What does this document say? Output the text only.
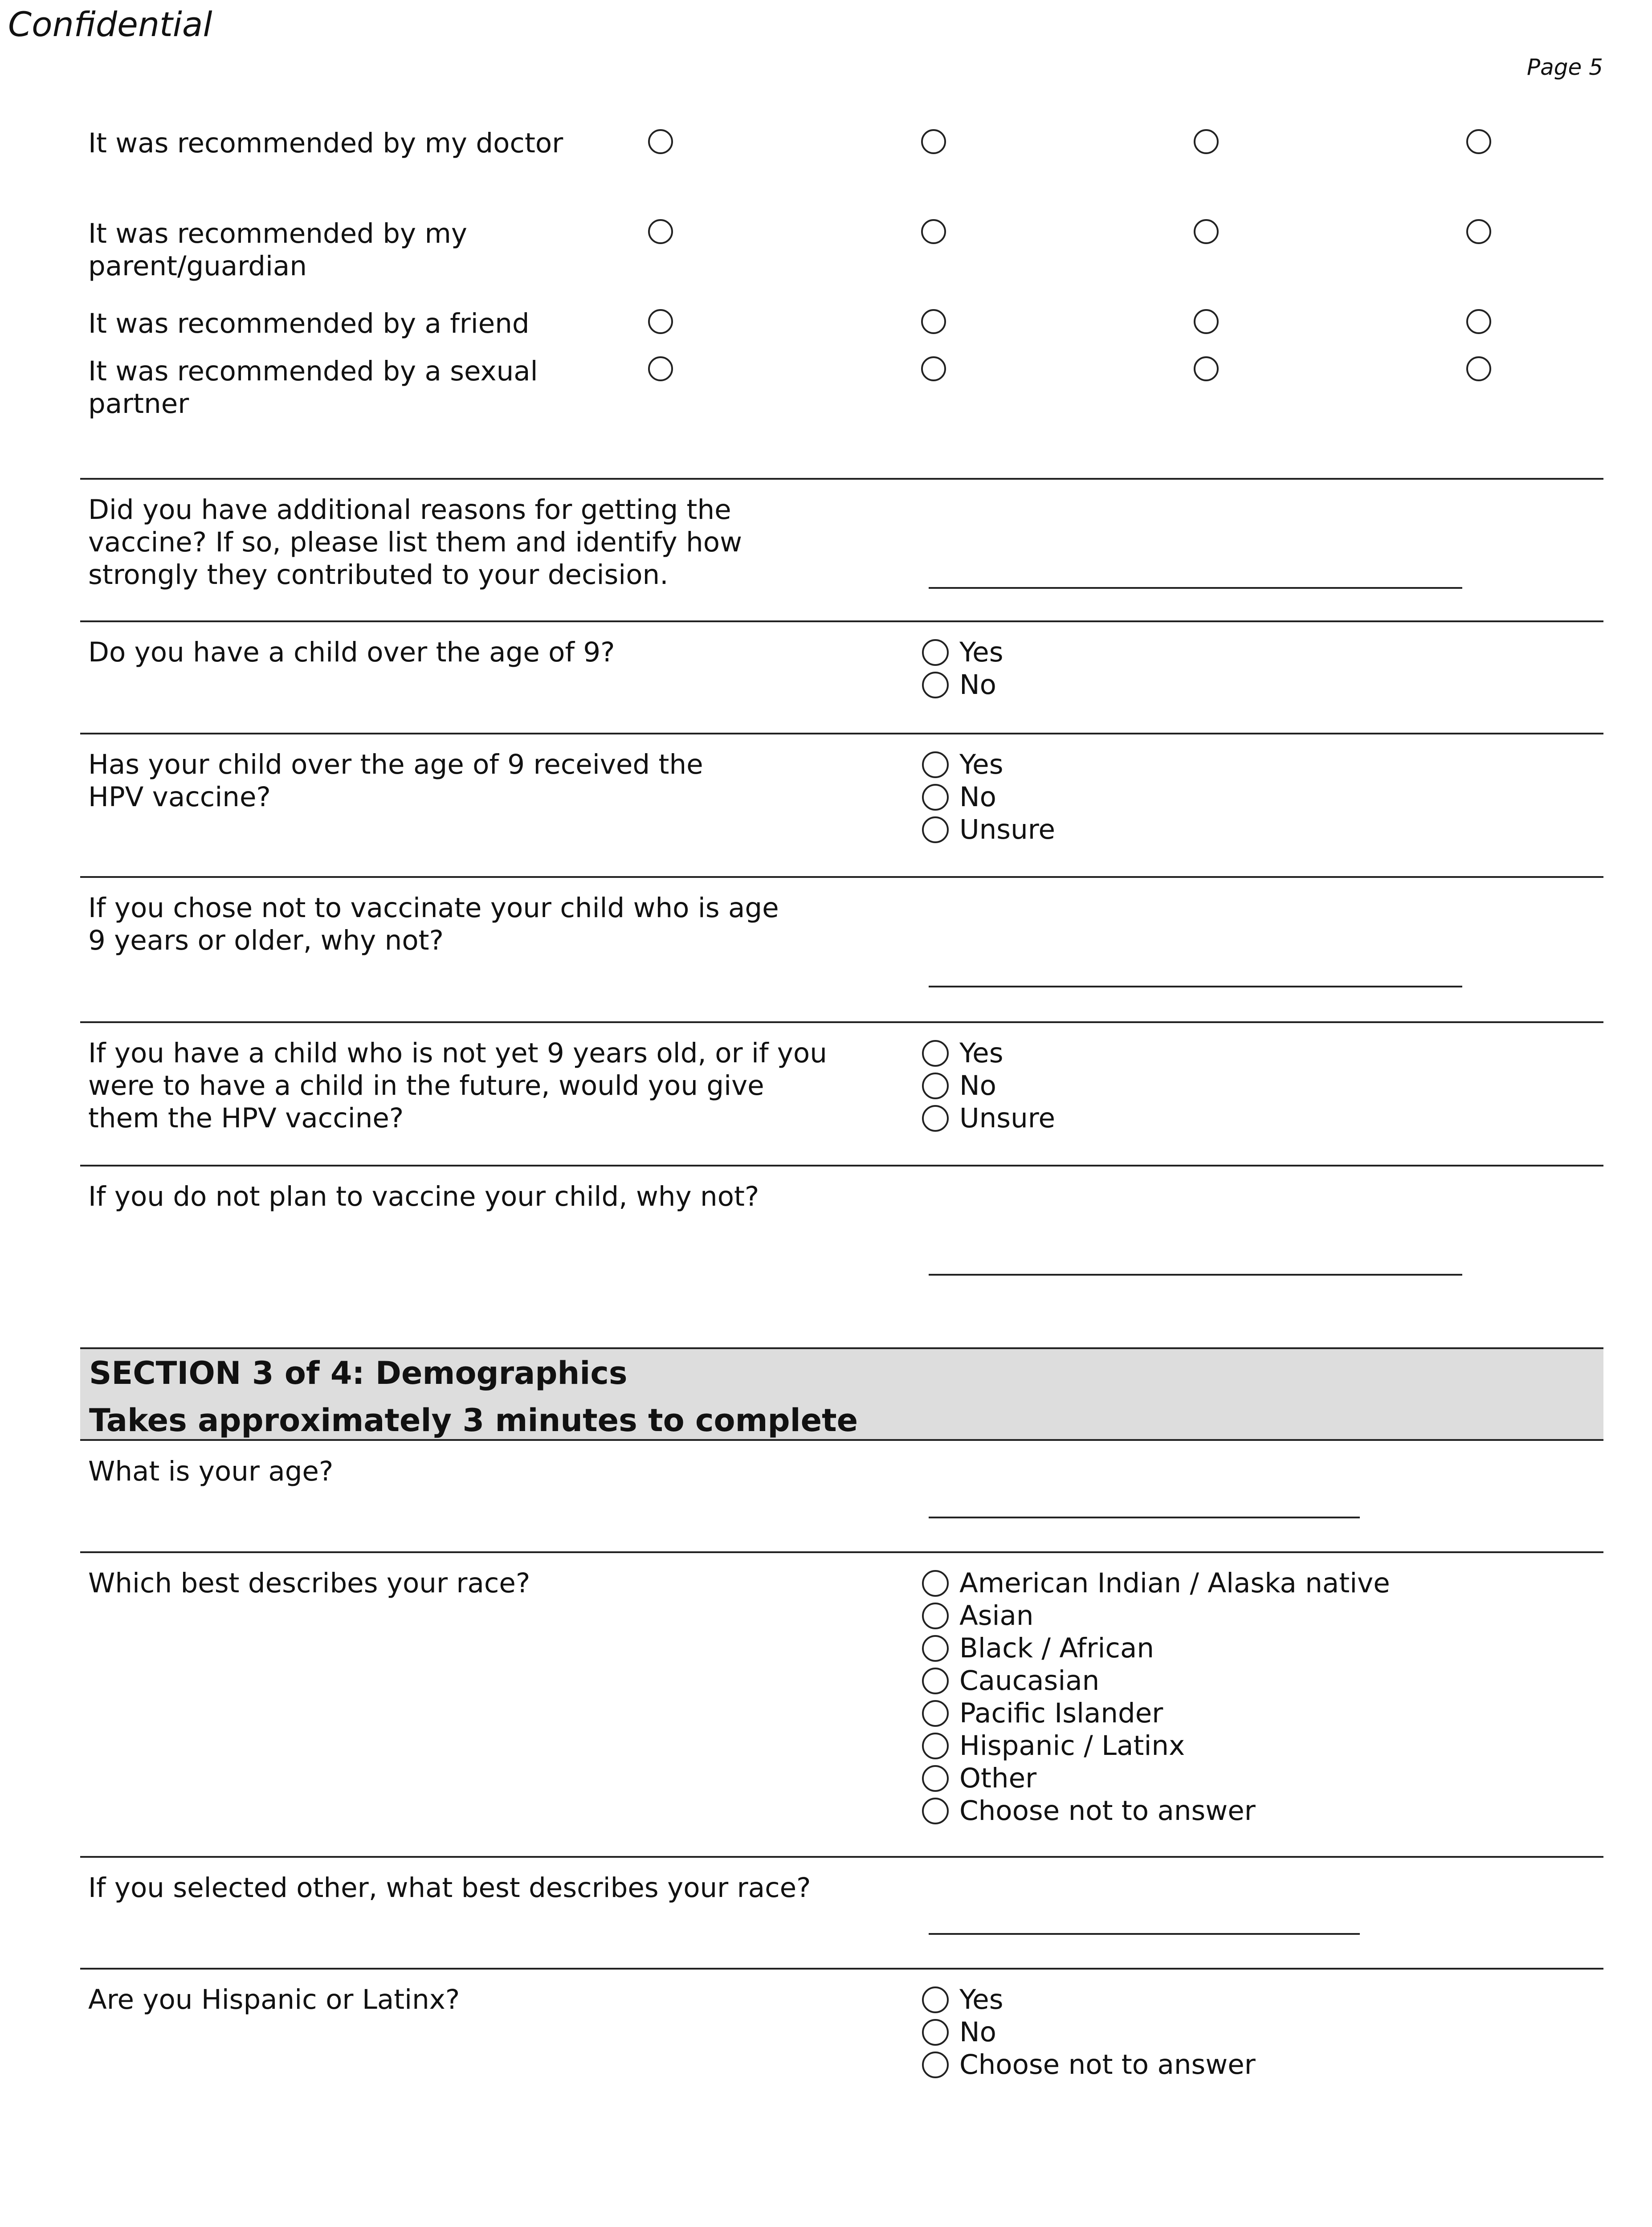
Confidential
Page 5

It was recommended by my doctor

It was recommended by my parent/guardian

It was recommended by a friend

It was recommended by a sexual partner

Did you have additional reasons for getting the vaccine? If so, please list them and identify how strongly they contributed to your decision.

Do you have a child over the age of 9?	Yes
No

Has your child over the age of 9 received the HPV vaccine?

Yes
No
Unsure

If you chose not to vaccinate your child who is age 9 years or older, why not?

If you have a child who is not yet 9 years old, or if you were to have a child in the future, would you give them the HPV vaccine?

Yes
No
Unsure

If you do not plan to vaccine your child, why not?

SECTION 3 of 4: Demographics
Takes approximately 3 minutes to complete

What is your age?

Which best describes your race?	American Indian / Alaska native
Asian
Black / African
Caucasian
Pacific Islander
Hispanic / Latinx
Other
Choose not to answer

If you selected other, what best describes your race?

Are you Hispanic or Latinx?	Yes
No
Choose not to answer
